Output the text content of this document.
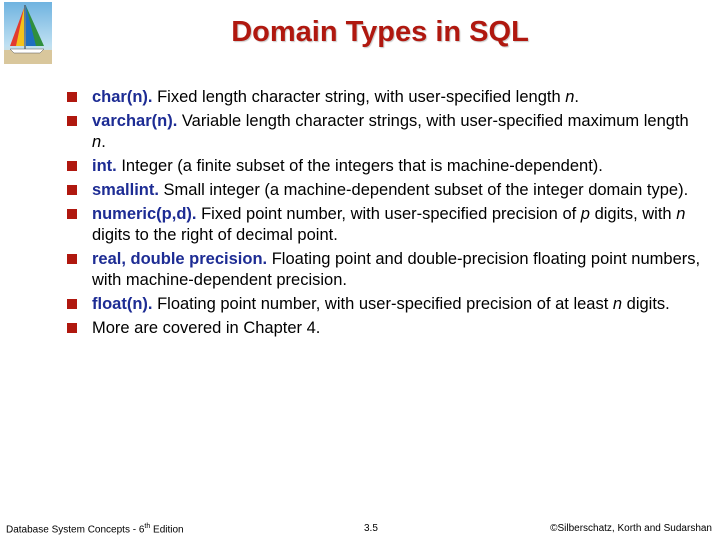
Domain Types in SQL
char(n). Fixed length character string, with user-specified length n.
varchar(n). Variable length character strings, with user-specified maximum length n.
int. Integer (a finite subset of the integers that is machine-dependent).
smallint. Small integer (a machine-dependent subset of the integer domain type).
numeric(p,d). Fixed point number, with user-specified precision of p digits, with n digits to the right of decimal point.
real, double precision. Floating point and double-precision floating point numbers, with machine-dependent precision.
float(n). Floating point number, with user-specified precision of at least n digits.
More are covered in Chapter 4.
Database System Concepts - 6th Edition	3.5	©Silberschatz, Korth and Sudarshan
